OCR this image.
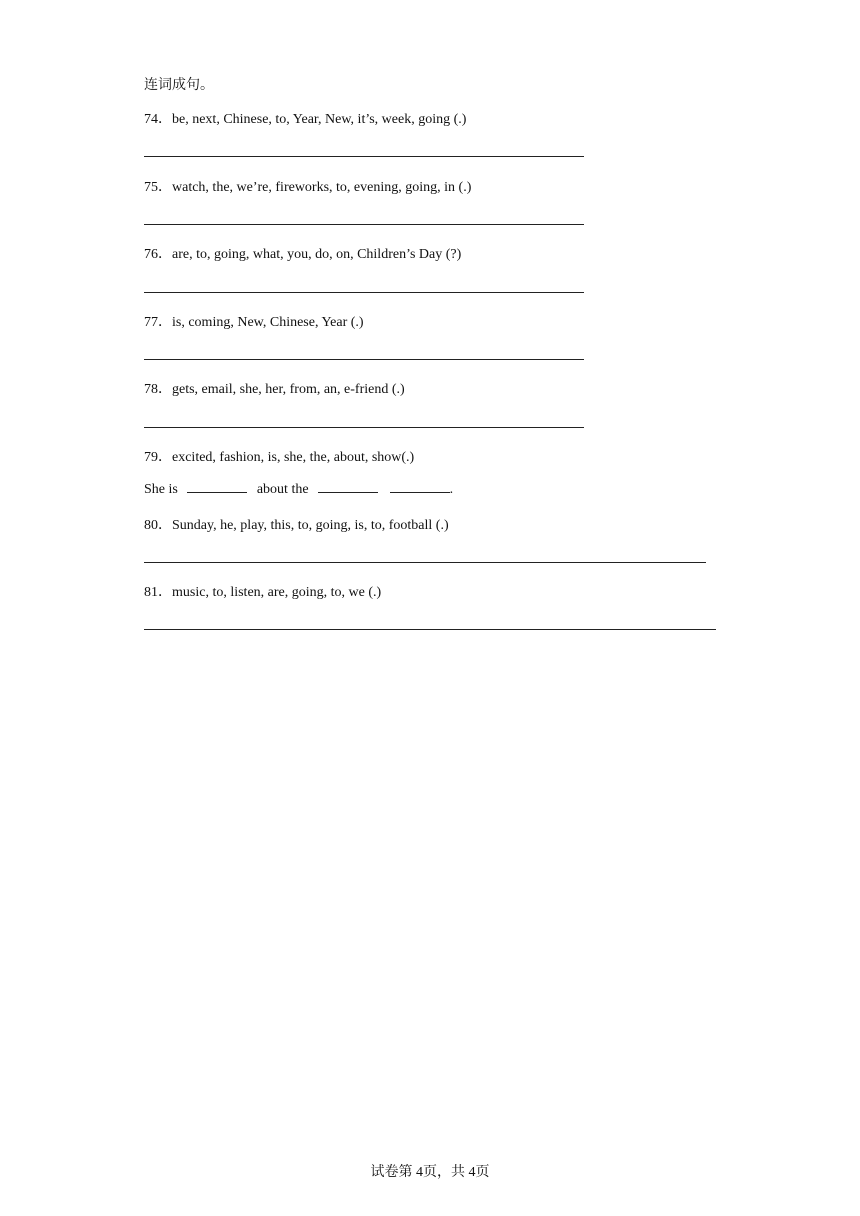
连词成句。
74．be, next, Chinese, to, Year, New, it’s, week, going (.)
75．watch, the, we’re, fireworks, to, evening, going, in (.)
76．are, to, going, what, you, do, on, Children’s Day (?)
77．is, coming, New, Chinese, Year (.)
78．gets, email, she, her, from, an, e-friend (.)
79．excited, fashion, is, she, the, about, show(.)
She is	about the	.
80．Sunday, he, play, this, to, going, is, to, football (.)
81．music, to, listen, are, going, to, we (.)
试卷第 4页，共 4页
